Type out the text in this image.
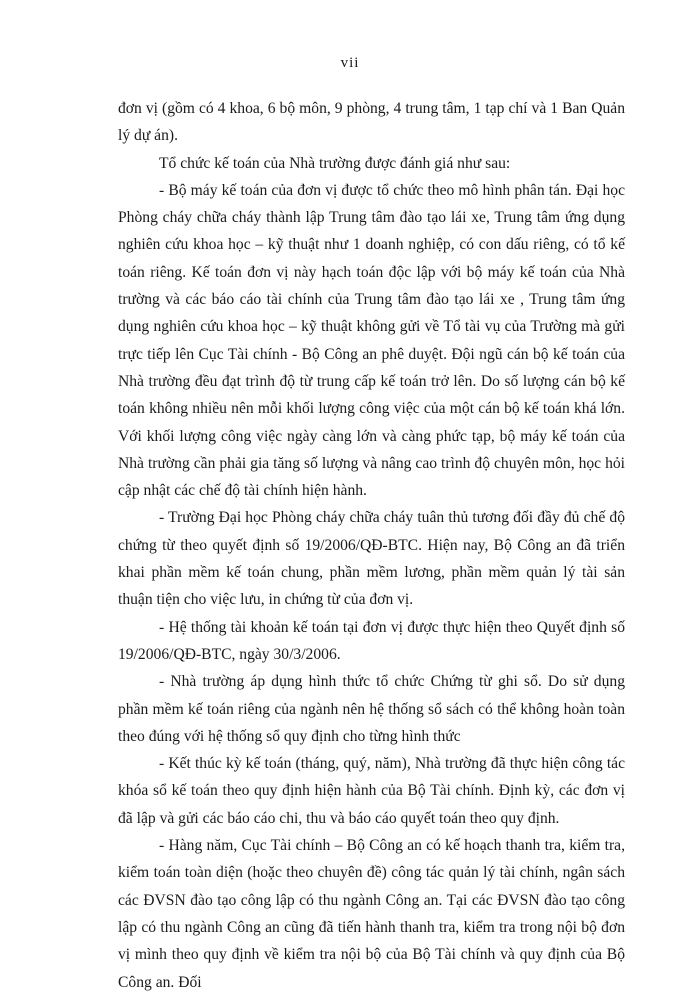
vii

đơn vị (gồm có 4 khoa, 6 bộ môn, 9 phòng, 4 trung tâm, 1 tạp chí và 1 Ban Quản lý dự án).

Tổ chức kế toán của Nhà trường được đánh giá như sau:

- Bộ máy kế toán của đơn vị được tổ chức theo mô hình phân tán. Đại học Phòng cháy chữa cháy thành lập Trung tâm đào tạo lái xe, Trung tâm ứng dụng nghiên cứu khoa học – kỹ thuật như 1 doanh nghiệp, có con dấu riêng, có tổ kế toán riêng. Kế toán đơn vị này hạch toán độc lập với bộ máy kế toán của Nhà trường và các báo cáo tài chính của Trung tâm đào tạo lái xe , Trung tâm ứng dụng nghiên cứu khoa học – kỹ thuật không gửi về Tổ tài vụ của Trường mà gửi trực tiếp lên Cục Tài chính - Bộ Công an phê duyệt. Đội ngũ cán bộ kế toán của Nhà trường đều đạt trình độ từ trung cấp kế toán trở lên. Do số lượng cán bộ kế toán không nhiều nên mỗi khối lượng công việc của một cán bộ kế toán khá lớn. Với khối lượng công việc ngày càng lớn và càng phức tạp, bộ máy kế toán của Nhà trường cần phải gia tăng số lượng và nâng cao trình độ chuyên môn, học hỏi cập nhật các chế độ tài chính hiện hành.

- Trường Đại học Phòng cháy chữa cháy tuân thủ tương đối đầy đủ chế độ chứng từ theo quyết định số 19/2006/QĐ-BTC. Hiện nay, Bộ Công an đã triển khai phần mềm kế toán chung, phần mềm lương, phần mềm quản lý tài sản thuận tiện cho việc lưu, in chứng từ của đơn vị.

- Hệ thống tài khoản kế toán tại đơn vị được thực hiện theo Quyết định số 19/2006/QĐ-BTC, ngày 30/3/2006.

- Nhà trường áp dụng hình thức tổ chức Chứng từ ghi sổ. Do sử dụng phần mềm kế toán riêng của ngành nên hệ thống sổ sách có thể không hoàn toàn theo đúng với hệ thống sổ quy định cho từng hình thức

- Kết thúc kỳ kế toán (tháng, quý, năm), Nhà trường đã thực hiện công tác khóa sổ kế toán theo quy định hiện hành của Bộ Tài chính. Định kỳ, các đơn vị đã lập và gửi các báo cáo chi, thu và báo cáo quyết toán theo quy định.

- Hàng năm, Cục Tài chính – Bộ Công an có kế hoạch thanh tra, kiểm tra, kiểm toán toàn diện (hoặc theo chuyên đề) công tác quản lý tài chính, ngân sách các ĐVSN đào tạo công lập có thu ngành Công an. Tại các ĐVSN đào tạo công lập có thu ngành Công an cũng đã tiến hành thanh tra, kiểm tra trong nội bộ đơn vị mình theo quy định về kiểm tra nội bộ của Bộ Tài chính và quy định của Bộ Công an. Đối
